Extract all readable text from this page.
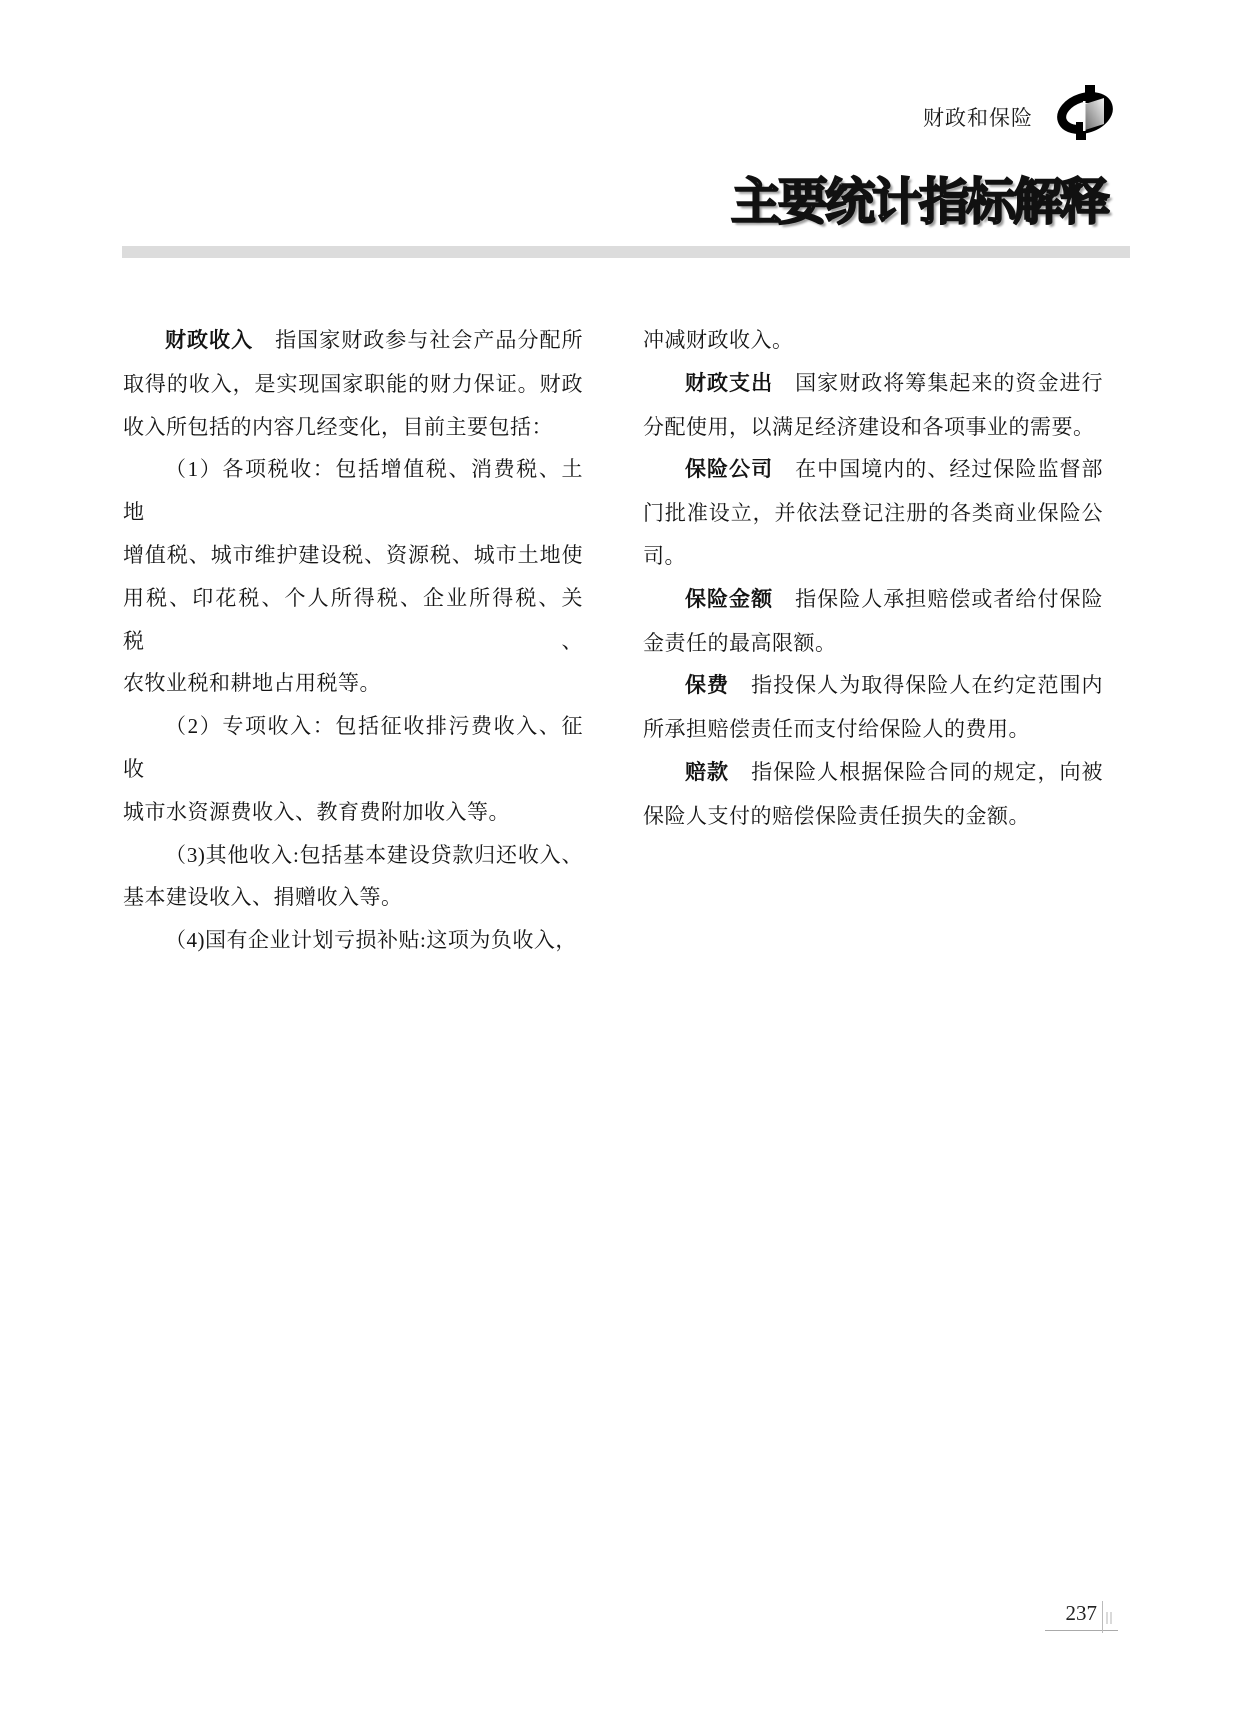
财政和保险
主要统计指标解释
财政收入　指国家财政参与社会产品分配所
取得的收入，是实现国家职能的财力保证。财政
收入所包括的内容几经变化，目前主要包括：
（1）各项税收：包括增值税、消费税、土地
增值税、城市维护建设税、资源税、城市土地使
用税、印花税、个人所得税、企业所得税、关税、
农牧业税和耕地占用税等。
（2）专项收入：包括征收排污费收入、征收
城市水资源费收入、教育费附加收入等。
（3)其他收入:包括基本建设贷款归还收入、
基本建设收入、捐赠收入等。
（4)国有企业计划亏损补贴:这项为负收入，
冲减财政收入。
财政支出　国家财政将筹集起来的资金进行
分配使用，以满足经济建设和各项事业的需要。
保险公司　在中国境内的、经过保险监督部
门批准设立，并依法登记注册的各类商业保险公
司。
保险金额　指保险人承担赔偿或者给付保险
金责任的最高限额。
保费　指投保人为取得保险人在约定范围内
所承担赔偿责任而支付给保险人的费用。
赔款　指保险人根据保险合同的规定，向被
保险人支付的赔偿保险责任损失的金额。
237
